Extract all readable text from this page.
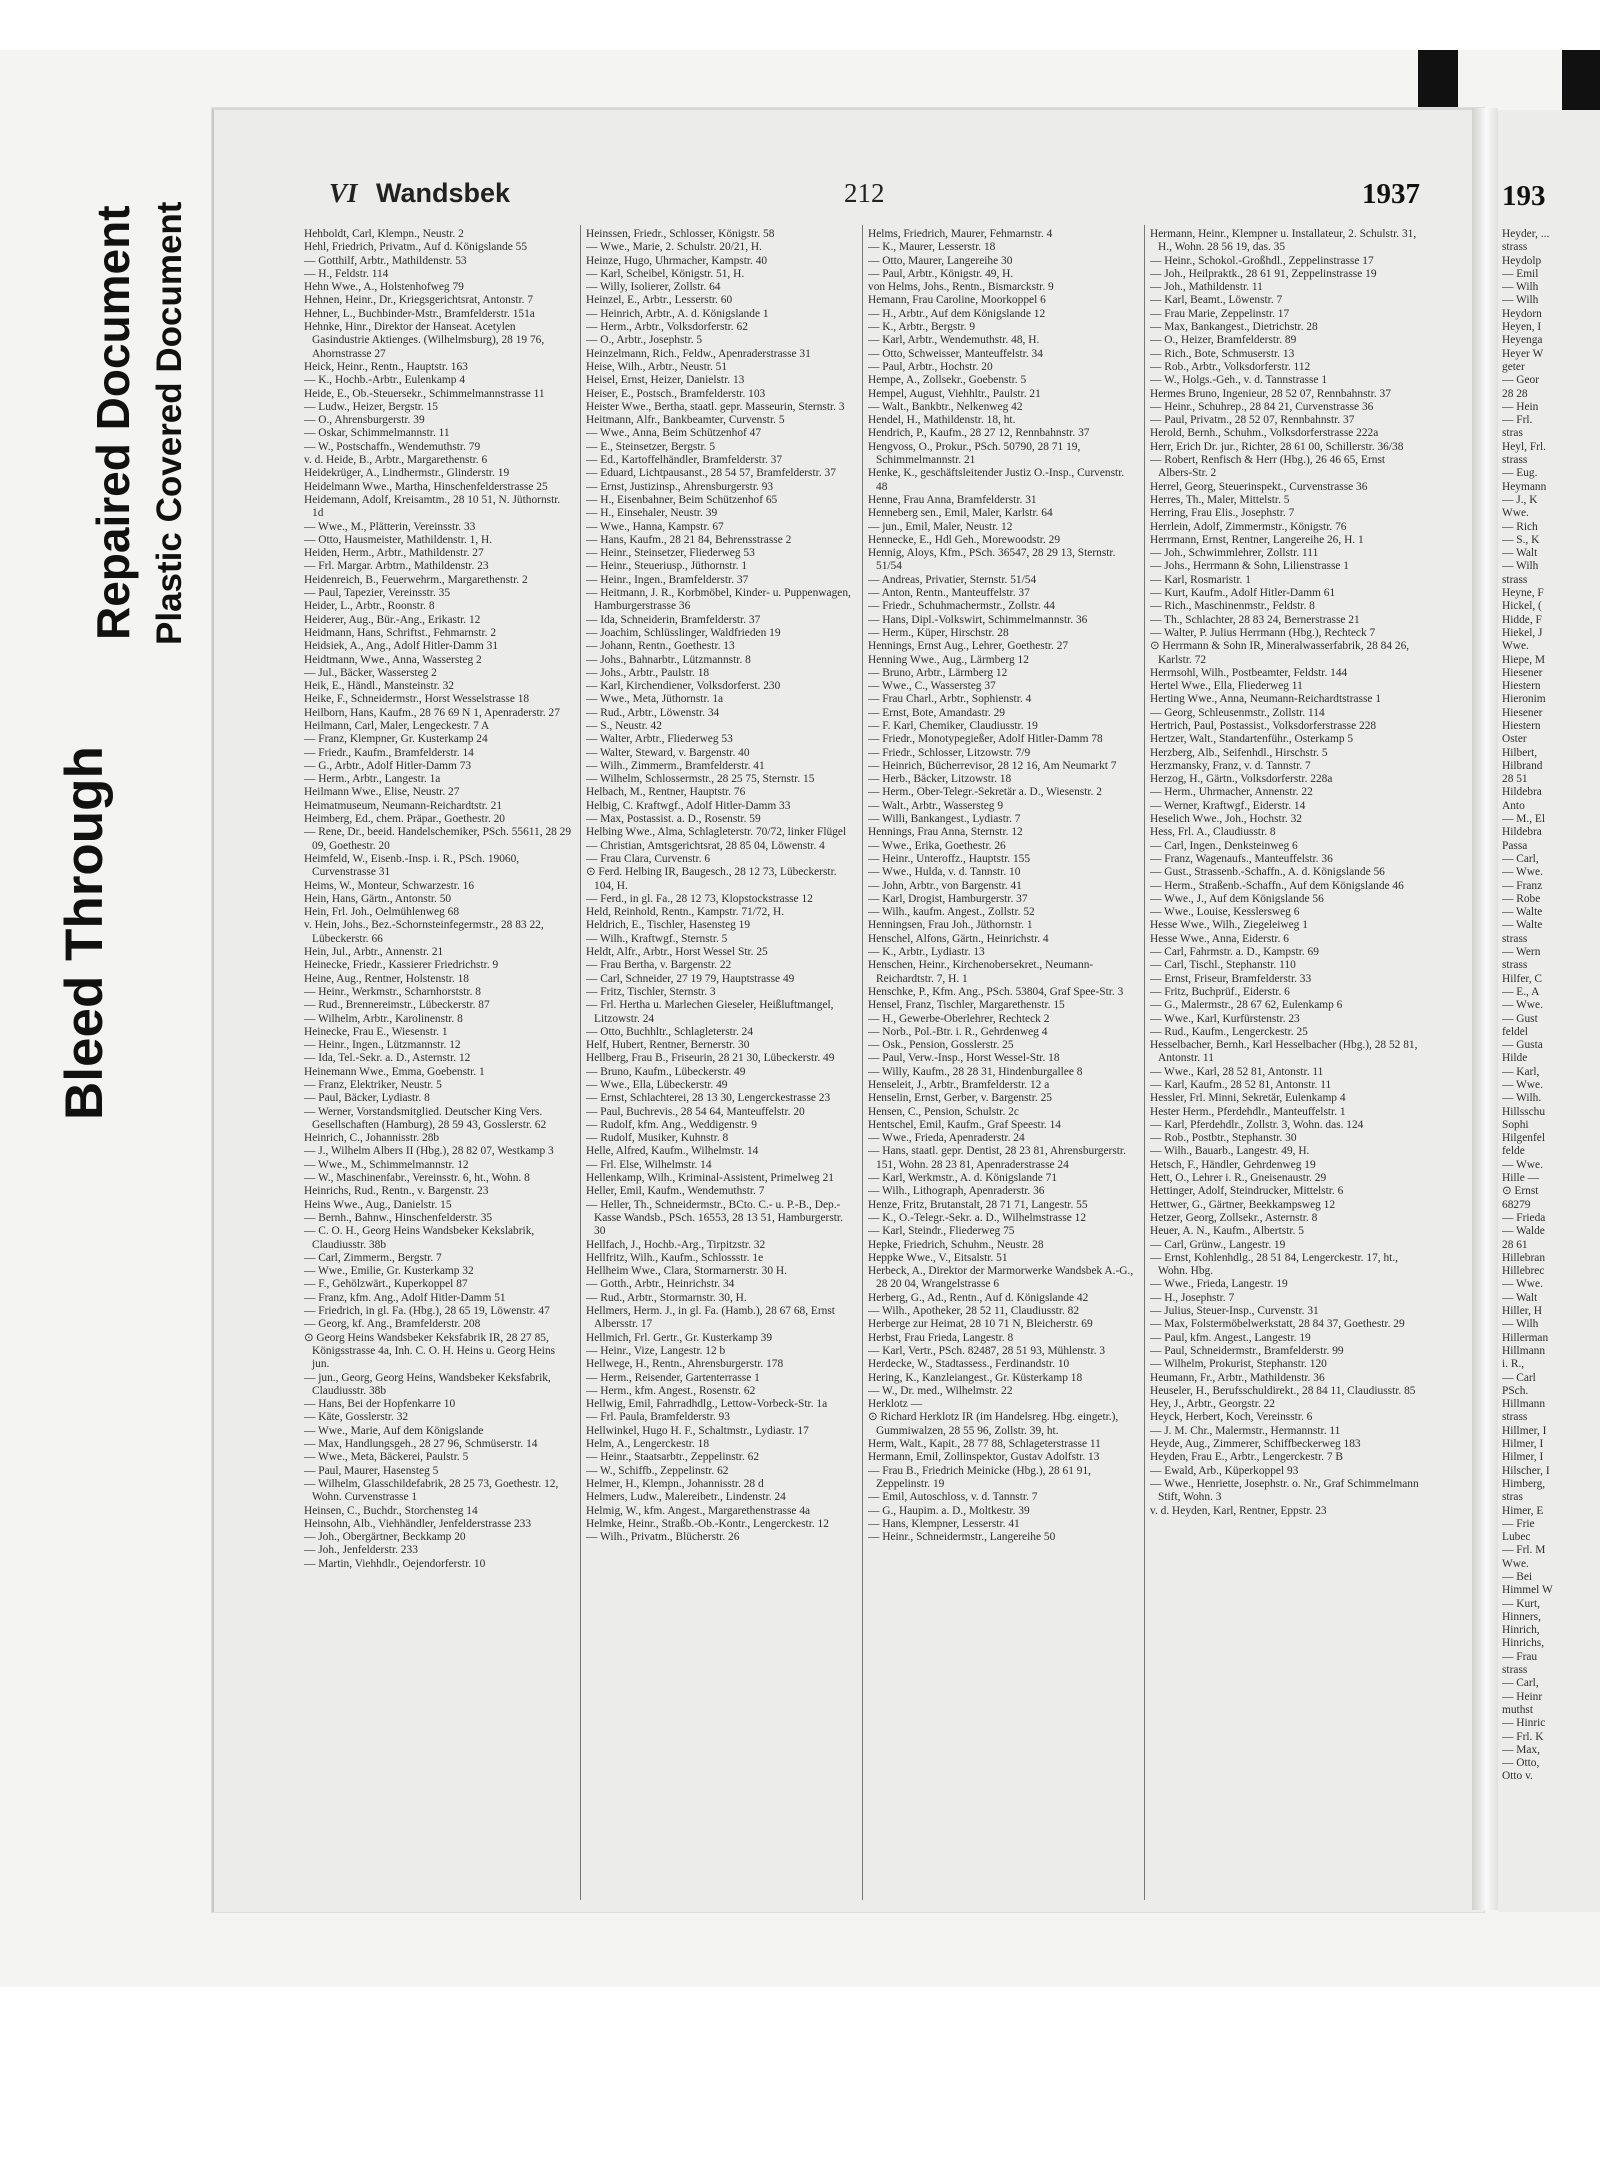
Bleed Through
Repaired Document Plastic Covered Document
VI Wandsbek	212	1937
Hehboldt, Carl, Klempn., Neustr. 2
Hehl, Friedrich, Privatm., Auf d. Königslande 55
— Gotthilf, Arbtr., Mathildenstr. 53
— H., Feldstr. 114
Hehn Wwe., A., Holstenhofweg 79
Hehnen, Heinr., Dr., Kriegsgerichtsrat, Antonstr. 7
Hehner, L., Buchbinder-Mstr., Bramfelderstr. 151a
Hehnke, Hinr., Direktor der Hanseat. Acetylen Gasindustrie Aktienges. (Wilhelmsburg), 28 19 76, Ahornstrasse 27
Heick, Heinr., Rentn., Hauptstr. 163
— K., Hochb.-Arbtr., Eulenkamp 4
Heide, E., Ob.-Steuersekr., Schimmelmannstrasse 11
— Ludw., Heizer, Bergstr. 15
— O., Ahrensburgerstr. 39
— Oskar, Schimmelmannstr. 11
— W., Postschaffn., Wendemuthstr. 79
v. d. Heide, B., Arbtr., Margarethenstr. 6
Heidekrüger, A., Lindhermstr., Glinderstr. 19
Heidelmann Wwe., Martha, Hinschenfelderstrasse 25
Heidemann, Adolf, Kreisamtm., 28 10 51, N. Jüthornstr. 1d
— Wwe., M., Plätterin, Vereinsstr. 33
— Otto, Hausmeister, Mathildenstr. 1, H.
Heiden, Herm., Arbtr., Mathildenstr. 27
— Frl. Margar. Arbtrn., Mathildenstr. 23
Heidenreich, B., Feuerwehrm., Margarethenstr. 2
— Paul, Tapezier, Vereinsstr. 35
Heider, L., Arbtr., Roonstr. 8
Heiderer, Aug., Bür.-Ang., Erikastr. 12
Heidmann, Hans, Schriftst., Fehmarnstr. 2
Heidsiek, A., Ang., Adolf Hitler-Damm 31
Heidtmann, Wwe., Anna, Wassersteg 2
— Jul., Bäcker, Wassersteg 2
Heik, E., Händl., Mansteinstr. 32
Heike, F., Schneidermstr., Horst Wesselstrasse 18
Heilborn, Hans, Kaufm., 28 76 69 N 1, Apenraderstr. 27
Heilmann, Carl, Maler, Lengeckestr. 7 A
— Franz, Klempner, Gr. Kusterkamp 24
— Friedr., Kaufm., Bramfelderstr. 14
— G., Arbtr., Adolf Hitler-Damm 73
— Herm., Arbtr., Langestr. 1a
Heilmann Wwe., Elise, Neustr. 27
Heimatmuseum, Neumann-Reichardtstr. 21
Heimberg, Ed., chem. Präpar., Goethestr. 20
— Rene, Dr., beeid. Handelschemiker, PSch. 55611, 28 29 09, Goethestr. 20
Heimfeld, W., Eisenb.-Insp. i. R., PSch. 19060, Curvenstrasse 31
Heims, W., Monteur, Schwarzestr. 16
Hein, Hans, Gärtn., Antonstr. 50
Hein, Frl. Joh., Oelmühlenweg 68
v. Hein, Johs., Bez.-Schornsteinfegermstr., 28 83 22, Lübeckerstr. 66
Hein, Jul., Arbtr., Annenstr. 21
Heinecke, Friedr., Kassierer Friedrichstr. 9
Heine, Aug., Rentner, Holstenstr. 18
— Heinr., Werkmstr., Scharnhorststr. 8
— Rud., Brennereimstr., Lübeckerstr. 87
— Wilhelm, Arbtr., Karolinenstr. 8
Heinecke, Frau E., Wiesenstr. 1
— Heinr., Ingen., Lützmannstr. 12
— Ida, Tel.-Sekr. a. D., Asternstr. 12
Heinemann Wwe., Emma, Goebenstr. 1
— Franz, Elektriker, Neustr. 5
— Paul, Bäcker, Lydiastr. 8
— Werner, Vorstandsmitglied. Deutscher King Vers. Gesellschaften (Hamburg), 28 59 43, Gosslerstr. 62
Heinrich, C., Johannisstr. 28b
— J., Wilhelm Albers II (Hbg.), 28 82 07, Westkamp 3
— Wwe., M., Schimmelmannstr. 12
— W., Maschinenfabr., Vereinsstr. 6, ht., Wohn. 8
Heinrichs, Rud., Rentn., v. Bargenstr. 23
Heins Wwe., Aug., Danielstr. 15
— Bernh., Bahnw., Hinschenfelderstr. 35
— C. O. H., Georg Heins Wandsbeker Kekslabrik, Claudiusstr. 38b
— Carl, Zimmerm., Bergstr. 7
— Wwe., Emilie, Gr. Kusterkamp 32
— F., Gehölzwärt., Kuperkoppel 87
— Franz, kfm. Ang., Adolf Hitler-Damm 51
— Friedrich, in gl. Fa. (Hbg.), 28 65 19, Löwenstr. 47
— Georg, kf. Ang., Bramfelderstr. 208
⊙ Georg Heins Wandsbeker Keksfabrik IR, 28 27 85, Königsstrasse 4a, Inh. C. O. H. Heins u. Georg Heins jun.
— jun., Georg, Georg Heins, Wandsbeker Keksfabrik, Claudiusstr. 38b
— Hans, Bei der Hopfenkarre 10
— Käte, Gosslerstr. 32
— Wwe., Marie, Auf dem Königslande
— Max, Handlungsgeh., 28 27 96, Schmüserstr. 14
— Wwe., Meta, Bäckerei, Paulstr. 5
— Paul, Maurer, Hasensteg 5
— Wilhelm, Glasschildefabrik, 28 25 73, Goethestr. 12, Wohn. Curvenstrasse 1
Heinsen, C., Buchdr., Storchensteg 14
Heinsohn, Alb., Viehhändler, Jenfelderstrasse 233
— Joh., Obergärtner, Beckkamp 20
— Joh., Jenfelderstr. 233
— Martin, Viehhdlr., Oejendorferstr. 10
Heinssen, Friedr., Schlosser, Königstr. 58
— Wwe., Marie, 2. Schulstr. 20/21, H.
Heinze, Hugo, Uhrmacher, Kampstr. 40
— Karl, Scheibel, Königstr. 51, H.
— Willy, Isolierer, Zollstr. 64
Heinzel, E., Arbtr., Lesserstr. 60
— Heinrich, Arbtr., A. d. Königslande 1
— Herm., Arbtr., Volksdorferstr. 62
— O., Arbtr., Josephstr. 5
Heinzelmann, Rich., Feldw., Apenraderstrasse 31
Heise, Wilh., Arbtr., Neustr. 51
Heisel, Ernst, Heizer, Danielstr. 13
Heiser, E., Postsch., Bramfelderstr. 103
Heister Wwe., Bertha, staatl. gepr. Masseurin, Sternstr. 3
Heitmann, Alfr., Bankbeamter, Curvenstr. 5
— Wwe., Anna, Beim Schützenhof 47
— E., Steinsetzer, Bergstr. 5
— Ed., Kartoffelhändler, Bramfelderstr. 37
— Eduard, Lichtpausanst., 28 54 57, Bramfelderstr. 37
— Ernst, Justizinsp., Ahrensburgerstr. 93
— H., Eisenbahner, Beim Schützenhof 65
— H., Einsehaler, Neustr. 39
— Wwe., Hanna, Kampstr. 67
— Hans, Kaufm., 28 21 84, Behrensstrasse 2
— Heinr., Steinsetzer, Fliederweg 53
— Heinr., Steueriusp., Jüthornstr. 1
— Heinr., Ingen., Bramfelderstr. 37
— Heitmann, J. R., Korbmöbel, Kinder- u. Puppenwagen, Hamburgerstrasse 36
— Ida, Schneiderin, Bramfelderstr. 37
— Joachim, Schlüsslinger, Waldfrieden 19
— Johann, Rentn., Goethestr. 13
— Johs., Bahnarbtr., Lützmannstr. 8
— Johs., Arbtr., Paulstr. 18
— Karl, Kirchendiener, Volksdorferst. 230
— Wwe., Meta, Jüthornstr. 1a
— Rud., Arbtr., Löwenstr. 34
— S., Neustr. 42
— Walter, Arbtr., Fliederweg 53
— Walter, Steward, v. Bargenstr. 40
— Wilh., Zimmerm., Bramfelderstr. 41
— Wilhelm, Schlossermstr., 28 25 75, Sternstr. 15
Helbach, M., Rentner, Hauptstr. 76
Helbig, C. Kraftwgf., Adolf Hitler-Damm 33
— Max, Postassist. a. D., Rosenstr. 59
Helbing Wwe., Alma, Schlagleterstr. 70/72, linker Flügel
— Christian, Amtsgerichtsrat, 28 85 04, Löwenstr. 4
— Frau Clara, Curvenstr. 6
⊙ Ferd. Helbing IR, Baugesch., 28 12 73, Lübeckerstr. 104, H.
— Ferd., in gl. Fa., 28 12 73, Klopstockstrasse 12
Held, Reinhold, Rentn., Kampstr. 71/72, H.
Heldrich, E., Tischler, Hasensteg 19
— Wilh., Kraftwgf., Sternstr. 5
Heldt, Alfr., Arbtr., Horst Wessel Str. 25
— Frau Bertha, v. Bargenstr. 22
— Carl, Schneider, 27 19 79, Hauptstrasse 49
— Fritz, Tischler, Sternstr. 3
— Frl. Hertha u. Marlechen Gieseler, Heißluftmangel, Litzowstr. 24
— Otto, Buchhltr., Schlagleterstr. 24
Helf, Hubert, Rentner, Bernerstr. 30
Hellberg, Frau B., Friseurin, 28 21 30, Lübeckerstr. 49
— Bruno, Kaufm., Lübeckerstr. 49
— Wwe., Ella, Lübeckerstr. 49
— Ernst, Schlachterei, 28 13 30, Lengerckestrasse 23
— Paul, Buchrevis., 28 54 64, Manteuffelstr. 20
— Rudolf, kfm. Ang., Weddigenstr. 9
— Rudolf, Musiker, Kuhnstr. 8
Helle, Alfred, Kaufm., Wilhelmstr. 14
— Frl. Else, Wilhelmstr. 14
Hellenkamp, Wilh., Kriminal-Assistent, Primelweg 21
Heller, Emil, Kaufm., Wendemuthstr. 7
— Heller, Th., Schneidermstr., BCto. C.- u. P.-B., Dep.-Kasse Wandsb., PSch. 16553, 28 13 51, Hamburgerstr. 30
Hellfach, J., Hochb.-Arg., Tirpitzstr. 32
Hellfritz, Wilh., Kaufm., Schlossstr. 1e
Hellheim Wwe., Clara, Stormarnerstr. 30 H.
— Gotth., Arbtr., Heinrichstr. 34
— Rud., Arbtr., Stormarnstr. 30, H.
Hellmers, Herm. J., in gl. Fa. (Hamb.), 28 67 68, Ernst Albersstr. 17
Hellmich, Frl. Gertr., Gr. Kusterkamp 39
— Heinr., Vize, Langestr. 12 b
Hellwege, H., Rentn., Ahrensburgerstr. 178
— Herm., Reisender, Gartenterrasse 1
— Herm., kfm. Angest., Rosenstr. 62
Hellwig, Emil, Fahrradhdlg., Lettow-Vorbeck-Str. 1a
— Frl. Paula, Bramfelderstr. 93
Hellwinkel, Hugo H. F., Schaltmstr., Lydiastr. 17
Helm, A., Lengerckestr. 18
— Heinr., Staatsarbtr., Zeppelinstr. 62
— W., Schiffb., Zeppelinstr. 62
Helmer, H., Klempn., Johannisstr. 28 d
Helmers, Ludw., Malereibetr., Lindenstr. 24
Helmig, W., kfm. Angest., Margarethenstrasse 4a
Helmke, Heinr., Straßb.-Ob.-Kontr., Lengerckestr. 12
— Wilh., Privatm., Blücherstr. 26
Helms, Friedrich, Maurer, Fehmarnstr. 4
— K., Maurer, Lesserstr. 18
— Otto, Maurer, Langereihe 30
— Paul, Arbtr., Königstr. 49, H.
von Helms, Johs., Rentn., Bismarckstr. 9
Hemann, Frau Caroline, Moorkoppel 6
— H., Arbtr., Auf dem Königslande 12
— K., Arbtr., Bergstr. 9
— Karl, Arbtr., Wendemuthstr. 48, H.
— Otto, Schweisser, Manteuffelstr. 34
— Paul, Arbtr., Hochstr. 20
Hempe, A., Zollsekr., Goebenstr. 5
Hempel, August, Viehhltr., Paulstr. 21
— Walt., Bankbtr., Nelkenweg 42
Hendel, H., Mathildenstr. 18, ht.
Hendrich, P., Kaufm., 28 27 12, Rennbahnstr. 37
Hengvoss, O., Prokur., PSch. 50790, 28 71 19, Schimmelmannstr. 21
Henke, K., geschäftsleitender Justiz O.-Insp., Curvenstr. 48
Henne, Frau Anna, Bramfelderstr. 31
Henneberg sen., Emil, Maler, Karlstr. 64
— jun., Emil, Maler, Neustr. 12
Hennecke, E., Hdl Geh., Morewoodstr. 29
Hennig, Aloys, Kfm., PSch. 36547, 28 29 13, Sternstr. 51/54
— Andreas, Privatier, Sternstr. 51/54
— Anton, Rentn., Manteuffelstr. 37
— Friedr., Schuhmachermstr., Zollstr. 44
— Hans, Dipl.-Volkswirt, Schimmelmannstr. 36
— Herm., Küper, Hirschstr. 28
Hennings, Ernst Aug., Lehrer, Goethestr. 27
Henning Wwe., Aug., Lärmberg 12
— Bruno, Arbtr., Lärmberg 12
— Wwe., C., Wassersteg 37
— Frau Charl., Arbtr., Sophienstr. 4
— Ernst, Bote, Amandastr. 29
— F. Karl, Chemiker, Claudiusstr. 19
— Friedr., Monotypegießer, Adolf Hitler-Damm 78
— Friedr., Schlosser, Litzowstr. 7/9
— Heinrich, Bücherrevisor, 28 12 16, Am Neumarkt 7
— Herb., Bäcker, Litzowstr. 18
— Herm., Ober-Telegr.-Sekretär a. D., Wiesenstr. 2
— Walt., Arbtr., Wassersteg 9
— Willi, Bankangest., Lydiastr. 7
Hennings, Frau Anna, Sternstr. 12
— Wwe., Erika, Goethestr. 26
— Heinr., Unteroffz., Hauptstr. 155
— Wwe., Hulda, v. d. Tannstr. 10
— John, Arbtr., von Bargenstr. 41
— Karl, Drogist, Hamburgerstr. 37
— Wilh., kaufm. Angest., Zollstr. 52
Henningsen, Frau Joh., Jüthornstr. 1
Henschel, Alfons, Gärtn., Heinrichstr. 4
— K., Arbtr., Lydiastr. 13
Henschen, Heinr., Kirchenobersekret., Neumann-Reichardtstr. 7, H. 1
Henschke, P., Kfm. Ang., PSch. 53804, Graf Spee-Str. 3
Hensel, Franz, Tischler, Margarethenstr. 15
— H., Gewerbe-Oberlehrer, Rechteck 2
— Norb., Pol.-Btr. i. R., Gehrdenweg 4
— Osk., Pension, Gosslerstr. 25
— Paul, Verw.-Insp., Horst Wessel-Str. 18
— Willy, Kaufm., 28 28 31, Hindenburgallee 8
Henseleit, J., Arbtr., Bramfelderstr. 12 a
Henselin, Ernst, Gerber, v. Bargenstr. 25
Hensen, C., Pension, Schulstr. 2c
Hentschel, Emil, Kaufm., Graf Speestr. 14
— Wwe., Frieda, Apenraderstr. 24
— Hans, staatl. gepr. Dentist, 28 23 81, Ahrensburgerstr. 151, Wohn. 28 23 81, Apenraderstrasse 24
— Karl, Werkmstr., A. d. Königslande 71
— Wilh., Lithograph, Apenraderstr. 36
Henze, Fritz, Brutanstalt, 28 71 71, Langestr. 55
— K., O.-Telegr.-Sekr. a. D., Wilhelmstrasse 12
— Karl, Steindr., Fliederweg 75
Hepke, Friedrich, Schuhm., Neustr. 28
Heppke Wwe., V., Eitsalstr. 51
Herbeck, A., Direktor der Marmorwerke Wandsbek A.-G., 28 20 04, Wrangelstrasse 6
Herberg, G., Ad., Rentn., Auf d. Königslande 42
— Wilh., Apotheker, 28 52 11, Claudiusstr. 82
Herberge zur Heimat, 28 10 71 N, Bleicherstr. 69
Herbst, Frau Frieda, Langestr. 8
— Karl, Vertr., PSch. 82487, 28 51 93, Mühlenstr. 3
Herdecke, W., Stadtassess., Ferdinandstr. 10
Hering, K., Kanzleiangest., Gr. Küsterkamp 18
— W., Dr. med., Wilhelmstr. 22
Herklotz —
⊙ Richard Herklotz IR (im Handelsreg. Hbg. eingetr.), Gummiwalzen, 28 55 96, Zollstr. 39, ht.
Herm, Walt., Kapit., 28 77 88, Schlageterstrasse 11
Hermann, Emil, Zollinspektor, Gustav Adolfstr. 13
— Frau B., Friedrich Meinicke (Hbg.), 28 61 91, Zeppelinstr. 19
— Emil, Autoschloss, v. d. Tannstr. 7
— G., Haupim. a. D., Moltkestr. 39
— Hans, Klempner, Lesserstr. 41
— Heinr., Schneidermstr., Langereihe 50
Hermann, Heinr., Klempner u. Installateur, 2. Schulstr. 31, H., Wohn. 28 56 19, das. 35
— Heinr., Schokol.-Großhdl., Zeppelinstrasse 17
— Joh., Heilpraktk., 28 61 91, Zeppelinstrasse 19
— Joh., Mathildenstr. 11
— Karl, Beamt., Löwenstr. 7
— Frau Marie, Zeppelinstr. 17
— Max, Bankangest., Dietrichstr. 28
— O., Heizer, Bramfelderstr. 89
— Rich., Bote, Schmuserstr. 13
— Rob., Arbtr., Volksdorferstr. 112
— W., Holgs.-Geh., v. d. Tannstrasse 1
Hermes Bruno, Ingenieur, 28 52 07, Rennbahnstr. 37
— Heinr., Schuhrep., 28 84 21, Curvenstrasse 36
— Paul, Privatm., 28 52 07, Rennbahnstr. 37
Herold, Bernh., Schuhm., Volksdorferstrasse 222a
Herr, Erich Dr. jur., Richter, 28 61 00, Schillerstr. 36/38
— Robert, Renfisch & Herr (Hbg.), 26 46 65, Ernst Albers-Str. 2
Herrel, Georg, Steuerinspekt., Curvenstrasse 36
Herres, Th., Maler, Mittelstr. 5
Herring, Frau Elis., Josephstr. 7
Herrlein, Adolf, Zimmermstr., Königstr. 76
Herrmann, Ernst, Rentner, Langereihe 26, H. 1
— Joh., Schwimmlehrer, Zollstr. 111
— Johs., Herrmann & Sohn, Lilienstrasse 1
— Karl, Rosmaristr. 1
— Kurt, Kaufm., Adolf Hitler-Damm 61
— Rich., Maschinenmstr., Feldstr. 8
— Th., Schlachter, 28 83 24, Bernerstrasse 21
— Walter, P. Julius Herrmann (Hbg.), Rechteck 7
⊙ Herrmann & Sohn IR, Mineralwasserfabrik, 28 84 26, Karlstr. 72
Herrnsohl, Wilh., Postbeamter, Feldstr. 144
Hertel Wwe., Ella, Fliederweg 11
Herting Wwe., Anna, Neumann-Reichardtstrasse 1
— Georg, Schleusenmstr., Zollstr. 114
Hertrich, Paul, Postassist., Volksdorferstrasse 228
Hertzer, Walt., Standartenführ., Osterkamp 5
Herzberg, Alb., Seifenhdl., Hirschstr. 5
Herzmansky, Franz, v. d. Tannstr. 7
Herzog, H., Gärtn., Volksdorferstr. 228a
— Herm., Uhrmacher, Annenstr. 22
— Werner, Kraftwgf., Eiderstr. 14
Heselich Wwe., Joh., Hochstr. 32
Hess, Frl. A., Claudiusstr. 8
— Carl, Ingen., Denksteinweg 6
— Franz, Wagenaufs., Manteuffelstr. 36
— Gust., Strassenb.-Schaffn., A. d. Königslande 56
— Herm., Straßenb.-Schaffn., Auf dem Königslande 46
— Wwe., J., Auf dem Königslande 56
— Wwe., Louise, Kesslersweg 6
Hesse Wwe., Wilh., Ziegeleiweg 1
Hesse Wwe., Anna, Eiderstr. 6
— Carl, Fahrmstr. a. D., Kampstr. 69
— Carl, Tischl., Stephanstr. 110
— Ernst, Friseur, Bramfelderstr. 33
— Fritz, Buchprüf., Eiderstr. 6
— G., Malermstr., 28 67 62, Eulenkamp 6
— Wwe., Karl, Kurfürstenstr. 23
— Rud., Kaufm., Lengerckestr. 25
Hesselbacher, Bernh., Karl Hesselbacher (Hbg.), 28 52 81, Antonstr. 11
— Wwe., Karl, 28 52 81, Antonstr. 11
— Karl, Kaufm., 28 52 81, Antonstr. 11
Hessler, Frl. Minni, Sekretär, Eulenkamp 4
Hester Herm., Pferdehdlr., Manteuffelstr. 1
— Karl, Pferdehdlr., Zollstr. 3, Wohn. das. 124
— Rob., Postbtr., Stephanstr. 30
— Wilh., Bauarb., Langestr. 49, H.
Hetsch, F., Händler, Gehrdenweg 19
Hett, O., Lehrer i. R., Gneisenaustr. 29
Hettinger, Adolf, Steindrucker, Mittelstr. 6
Hettwer, G., Gärtner, Beekkampsweg 12
Hetzer, Georg, Zollsekr., Asternstr. 8
Heuer, A. N., Kaufm., Albertstr. 5
— Carl, Grünw., Langestr. 19
— Ernst, Kohlenhdlg., 28 51 84, Lengerckestr. 17, ht., Wohn. Hbg.
— Wwe., Frieda, Langestr. 19
— H., Josephstr. 7
— Julius, Steuer-Insp., Curvenstr. 31
— Max, Folstermöbelwerkstatt, 28 84 37, Goethestr. 29
— Paul, kfm. Angest., Langestr. 19
— Paul, Schneidermstr., Bramfelderstr. 99
— Wilhelm, Prokurist, Stephanstr. 120
Heumann, Fr., Arbtr., Mathildenstr. 36
Heuseler, H., Berufsschuldirekt., 28 84 11, Claudiusstr. 85
Hey, J., Arbtr., Georgstr. 22
Heyck, Herbert, Koch, Vereinsstr. 6
— J. M. Chr., Malermstr., Hermannstr. 11
Heyde, Aug., Zimmerer, Schiffbeckerweg 183
Heyden, Frau E., Arbtr., Lengerckestr. 7 B
— Ewald, Arb., Küperkoppel 93
— Wwe., Henriette, Josephstr. o. Nr., Graf Schimmelmann Stift, Wohn. 3
v. d. Heyden, Karl, Rentner, Eppstr. 23
193
Heyder, ...
strass
Heydolp
— Emil
— Wilh
— Wilh
Heydorn
Heyen, I
Heyenga
Heyer W
geter
— Geor
28 28
— Hein
— Frl.
stras
Heyl, Frl.
strass
— Eug.
Heymann
— J., K
Wwe.
— Rich
— S., K
— Walt
— Wilh
strass
Heyne, F
Hickel, (
Hidde, F
Hiekel, J
Wwe.
Hiepe, M
Hiesener
Hiestern
Hieronim
Hiesener
Hiestern
Oster
Hilbert,
Hilbrand
28 51
Hildebra
Anto
— M., El
Hildebra
Passa
— Carl,
— Wwe.
— Franz
— Robe
— Walte
— Walte
strass
— Wern
strass
Hilfer, C
— E., A
— Wwe.
— Gust
feldel
— Gusta
Hilde
— Karl,
— Wwe.
— Wilh.
Hillsschu
Sophi
Hilgenfel
felde
— Wwe.
Hille —
⊙ Ernst
68279
— Frieda
— Walde
28 61
Hillebran
Hillebrec
— Wwe.
— Walt
Hiller, H
— Wilh
Hillerman
Hillmann
i. R.,
— Carl
PSch.
Hillmann
strass
Hillmer, I
Hilmer, I
Hilmer, I
Hilscher, I
Himberg,
stras
Himer, E
— Frie
Lubec
— Frl. M
Wwe.
— Bei
Himmel W
— Kurt,
Hinners,
Hinrich,
Hinrichs,
— Frau
strass
— Carl,
— Heinr
muthst
— Hinric
— Frl. K
— Max,
— Otto,
Otto v.
